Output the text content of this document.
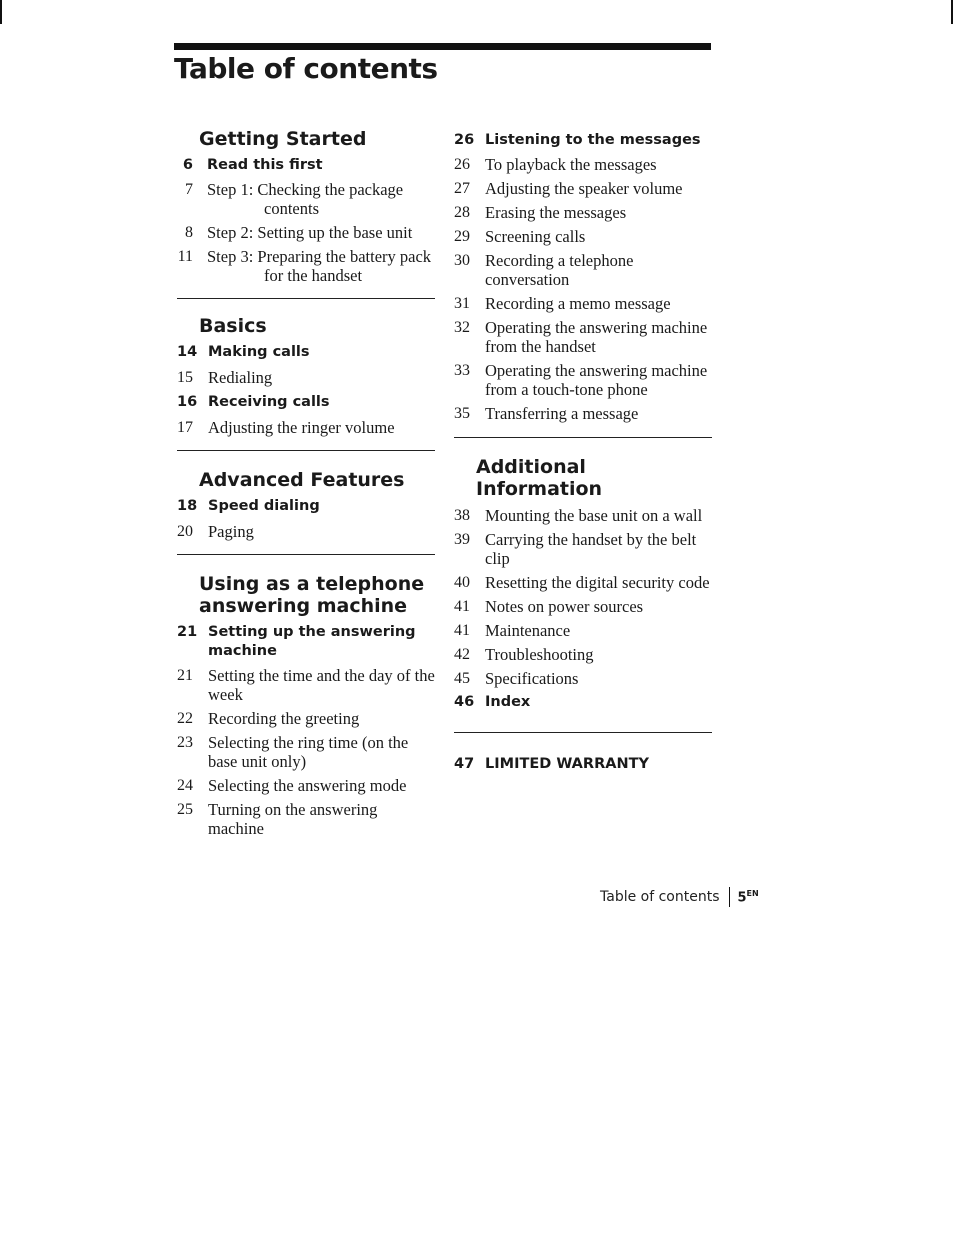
Table of contents
Getting Started
6 Read this first
7 Step 1: Checking the package contents
8 Step 2: Setting up the base unit
11 Step 3: Preparing the battery pack for the handset
Basics
14 Making calls
15 Redialing
16 Receiving calls
17 Adjusting the ringer volume
Advanced Features
18 Speed dialing
20 Paging
Using as a telephone answering machine
21 Setting up the answering machine
21 Setting the time and the day of the week
22 Recording the greeting
23 Selecting the ring time (on the base unit only)
24 Selecting the answering mode
25 Turning on the answering machine
26 Listening to the messages
26 To playback the messages
27 Adjusting the speaker volume
28 Erasing the messages
29 Screening calls
30 Recording a telephone conversation
31 Recording a memo message
32 Operating the answering machine from the handset
33 Operating the answering machine from a touch-tone phone
35 Transferring a message
Additional Information
38 Mounting the base unit on a wall
39 Carrying the handset by the belt clip
40 Resetting the digital security code
41 Notes on power sources
41 Maintenance
42 Troubleshooting
45 Specifications
46 Index
47 LIMITED WARRANTY
Table of contents $5^{EN}$
